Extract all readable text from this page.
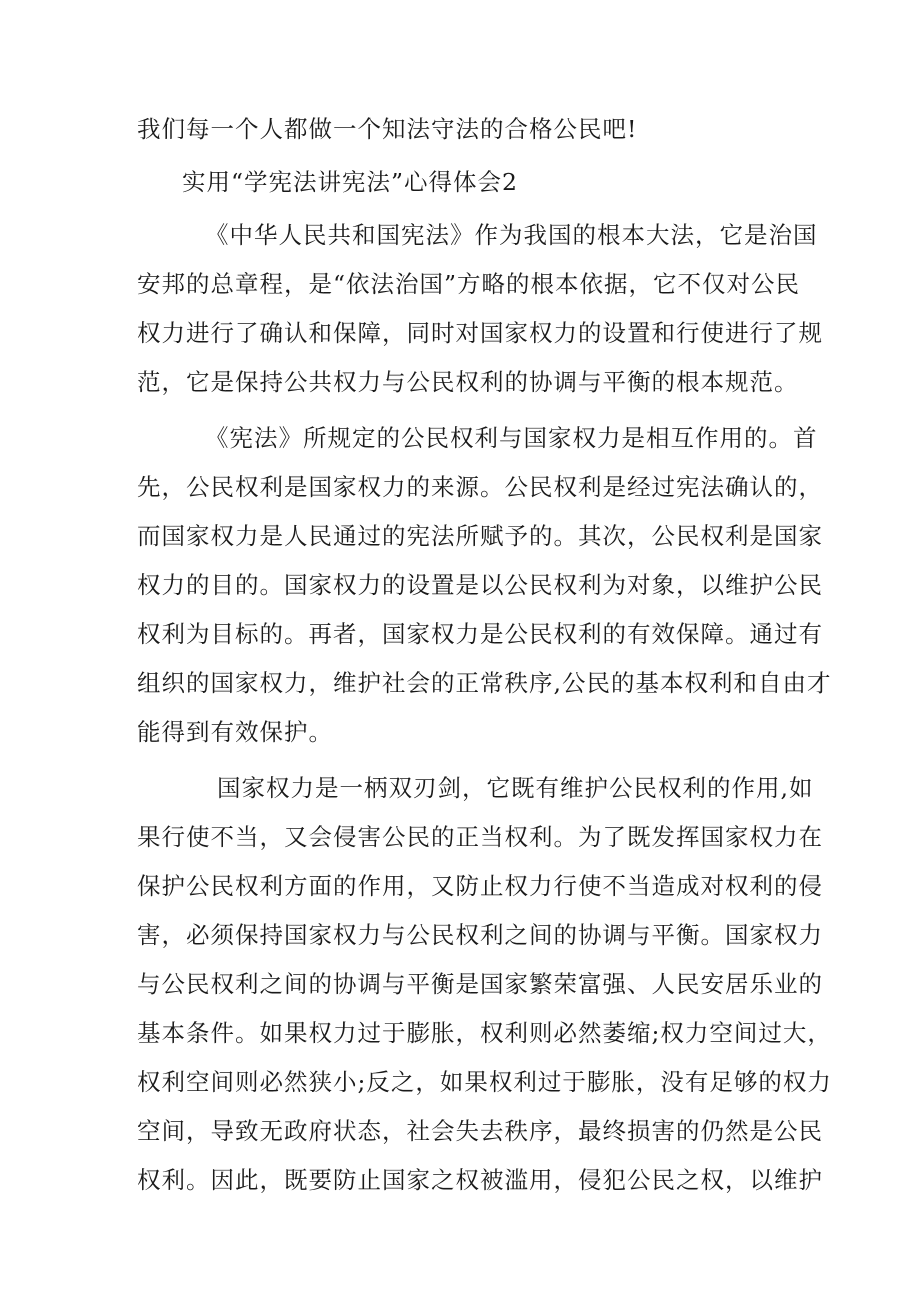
我们每一个人都做一个知法守法的合格公民吧!

实用“学宪法讲宪法”心得体会2

《中华人民共和国宪法》作为我国的根本大法，它是治国

安邦的总章程，是“依法治国”方略的根本依据，它不仅对公民

权力进行了确认和保障，同时对国家权力的设置和行使进行了规

范，它是保持公共权力与公民权利的协调与平衡的根本规范。

《宪法》所规定的公民权利与国家权力是相互作用的。首

先，公民权利是国家权力的来源。公民权利是经过宪法确认的，

而国家权力是人民通过的宪法所赋予的。其次，公民权利是国家

权力的目的。国家权力的设置是以公民权利为对象，以维护公民

权利为目标的。再者，国家权力是公民权利的有效保障。通过有

组织的国家权力，维护社会的正常秩序,公民的基本权利和自由才

能得到有效保护。

国家权力是一柄双刃剑，它既有维护公民权利的作用,如

果行使不当，又会侵害公民的正当权利。为了既发挥国家权力在

保护公民权利方面的作用，又防止权力行使不当造成对权利的侵

害，必须保持国家权力与公民权利之间的协调与平衡。国家权力

与公民权利之间的协调与平衡是国家繁荣富强、人民安居乐业的

基本条件。如果权力过于膨胀，权利则必然萎缩;权力空间过大，

权利空间则必然狭小;反之，如果权利过于膨胀，没有足够的权力

空间，导致无政府状态，社会失去秩序，最终损害的仍然是公民

权利。因此，既要防止国家之权被滥用，侵犯公民之权，以维护
